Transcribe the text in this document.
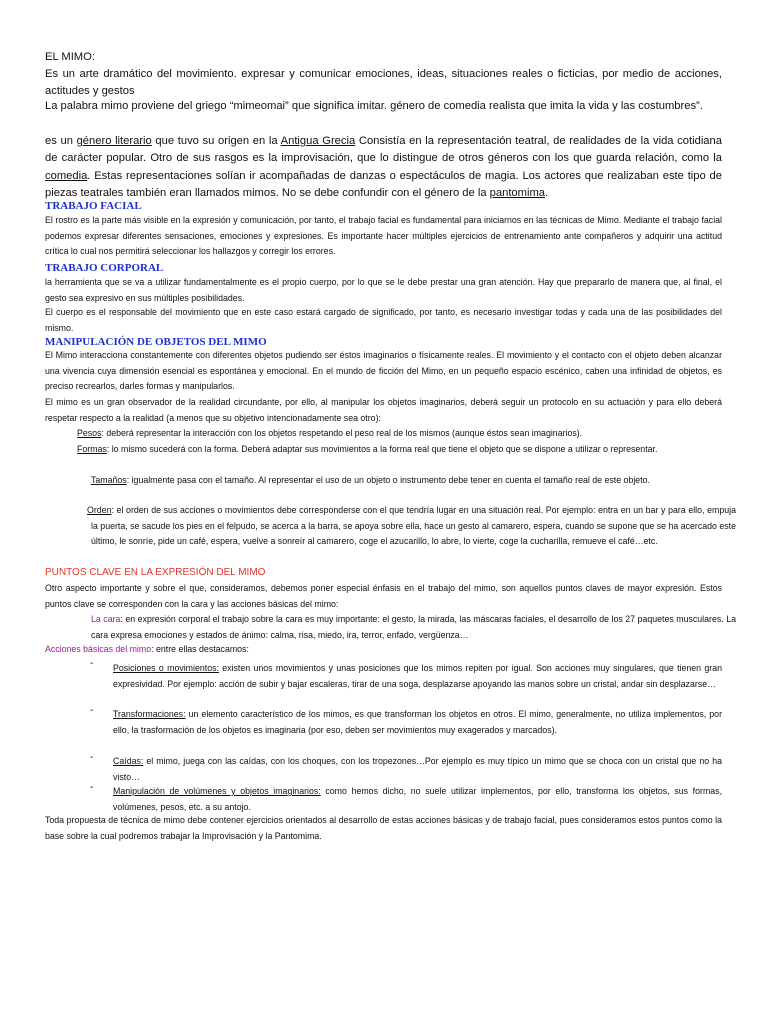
EL MIMO:

Es un arte dramático del movimiento. expresar y comunicar emociones, ideas, situaciones reales o ficticias, por medio de acciones, actitudes y gestos

La palabra mimo proviene del griego “mimeomai” que significa imitar. género de comedia realista que imita la vida y las costumbres”.

es un género literario que tuvo su origen en la Antigua Grecia Consistía en la representación teatral, de realidades de la vida cotidiana de carácter popular. Otro de sus rasgos es la improvisación, que lo distingue de otros géneros con los que guarda relación, como la comedia. Estas representaciones solían ir acompañadas de danzas o espectáculos de magia. Los actores que realizaban este tipo de piezas teatrales también eran llamados mimos. No se debe confundir con el género de la pantomima.

TRABAJO FACIAL

El rostro es la parte más visible en la expresión y comunicación, por tanto, el trabajo facial es fundamental para iniciarnos en las técnicas de Mimo. Mediante el trabajo facial podemos expresar diferentes sensaciones, emociones y expresiones. Es importante hacer múltiples ejercicios de entrenamiento ante compañeros y adquirir una actitud crítica lo cual nos permitirá seleccionar los hallazgos y corregir los errores.

TRABAJO CORPORAL

la herramienta que se va a utilizar fundamentalmente es el propio cuerpo, por lo que se le debe prestar una gran atención. Hay que prepararlo de manera que, al final, el gesto sea expresivo en sus múltiples posibilidades.

El cuerpo es el responsable del movimiento que en este caso estará cargado de significado, por tanto, es necesario investigar todas y cada una de las posibilidades del mismo.

MANIPULACIÓN DE OBJETOS DEL MIMO

El Mimo interacciona constantemente con diferentes objetos pudiendo ser éstos imaginarios o físicamente reales. El movimiento y el contacto con el objeto deben alcanzar una vivencia cuya dimensión esencial es espontánea y emocional. En el mundo de ficción del Mimo, en un pequeño espacio escénico, caben una infinidad de objetos, es preciso recrearlos, darles formas y manipularlos.

El mimo es un gran observador de la realidad circundante, por ello, al manipular los objetos imaginarios, deberá seguir un protocolo en su actuación y para ello deberá respetar respecto a la realidad (a menos que su objetivo intencionadamente sea otro):

Pesos: deberá representar la interacción con los objetos respetando el peso real de los mismos (aunque éstos sean imaginarios).

Formas: lo mismo sucederá con la forma. Deberá adaptar sus movimientos a la forma real que tiene el objeto que se dispone a utilizar o representar.

Tamaños: igualmente pasa con el tamaño. Al representar el uso de un objeto o instrumento debe tener en cuenta el tamaño real de este objeto.

Orden: el orden de sus acciones o movimientos debe corresponderse con el que tendría lugar en una situación real. Por ejemplo: entra en un bar y para ello, empuja la puerta, se sacude los pies en el felpudo, se acerca a la barra, se apoya sobre ella, hace un gesto al camarero, espera, cuando se supone que se ha acercado este último, le sonríe, pide un café, espera, vuelve a sonreír al camarero, coge el azucarillo, lo abre, lo vierte, coge la cucharilla, remueve el café…etc.

PUNTOS CLAVE EN LA EXPRESIÓN DEL MIMO

Otro aspecto importante y sobre el que, consideramos, debemos poner especial énfasis en el trabajo del mimo, son aquellos puntos claves de mayor expresión. Estos puntos clave se corresponden con la cara y las acciones básicas del mimo:

La cara: en expresión corporal el trabajo sobre la cara es muy importante: el gesto, la mirada, las máscaras faciales, el desarrollo de los 27 paquetes musculares. La cara expresa emociones y estados de ánimo: calma, risa, miedo, ira, terror, enfado, vergüenza…

Acciones básicas del mimo: entre ellas destacamos:

- Posiciones o movimientos: existen unos movimientos y unas posiciones que los mimos repiten por igual. Son acciones muy singulares, que tienen gran expresividad. Por ejemplo: acción de subir y bajar escaleras, tirar de una soga, desplazarse apoyando las manos sobre un cristal, andar sin desplazarse…

- Transformaciones: un elemento característico de los mimos, es que transforman los objetos en otros. El mimo, generalmente, no utiliza implementos, por ello, la trasformación de los objetos es imaginaria (por eso, deben ser movimientos muy exagerados y marcados).

- Caídas: el mimo, juega con las caídas, con los choques, con los tropezones…Por ejemplo es muy típico un mimo que se choca con un cristal que no ha visto…

- Manipulación de volúmenes y objetos imaginarios: como hemos dicho, no suele utilizar implementos, por ello, transforma los objetos, sus formas, volúmenes, pesos, etc. a su antojo.

Toda propuesta de técnica de mimo debe contener ejercicios orientados al desarrollo de estas acciones básicas y de trabajo facial, pues consideramos estos puntos como la base sobre la cual podremos trabajar la Improvisación y la Pantomima.
